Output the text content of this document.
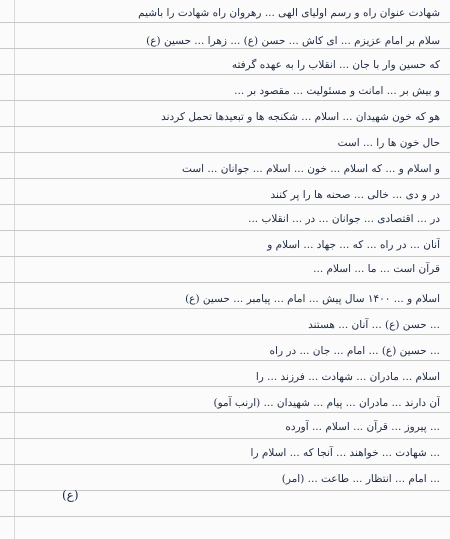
شهادت عنوان راه و رسم اولیای الهی ... رهروان راه شهادت را باشیم
سلام بر امام عزیزم ... ای کاش ... حسن (ع) ... زهرا ... حسین (ع)
که حسین وار با جان ... انقلاب را به عهده گرفته
و بیش بر ... امانت و مسئولیت ... مقصود بر ...
هو که خون شهیدان ... اسلام ... شکنجه ها و تبعیدها تحمل کردند
حال خون ها را ... است
و اسلام و ... که اسلام ... خون ... اسلام ... جوانان ... است
در و دی ... خالی ... صحنه ها را پر کنند
در ... اقتصادی ... جوانان ... در ... انقلاب ...
آنان ... در راه ... که ... جهاد ... اسلام و
قرآن است ... ما ... اسلام ...
اسلام و ... ۱۴۰۰ سال پیش ... امام ... پیامبر ... حسین (ع)
... حسن (ع) ... آنان ... هستند
... حسین (ع) ... امام ... جان ... در راه
اسلام ... مادران ... شهادت ... فرزند ... را
آن دارند ... مادران ... پیام ... شهیدان ... (ارنب آمو)
... پیروز ... قرآن ... اسلام ... آورده
... شهادت ... خواهند ... آنجا که ... اسلام را
... امام ... انتظار ... طاعت ... (امر)
(ع)
